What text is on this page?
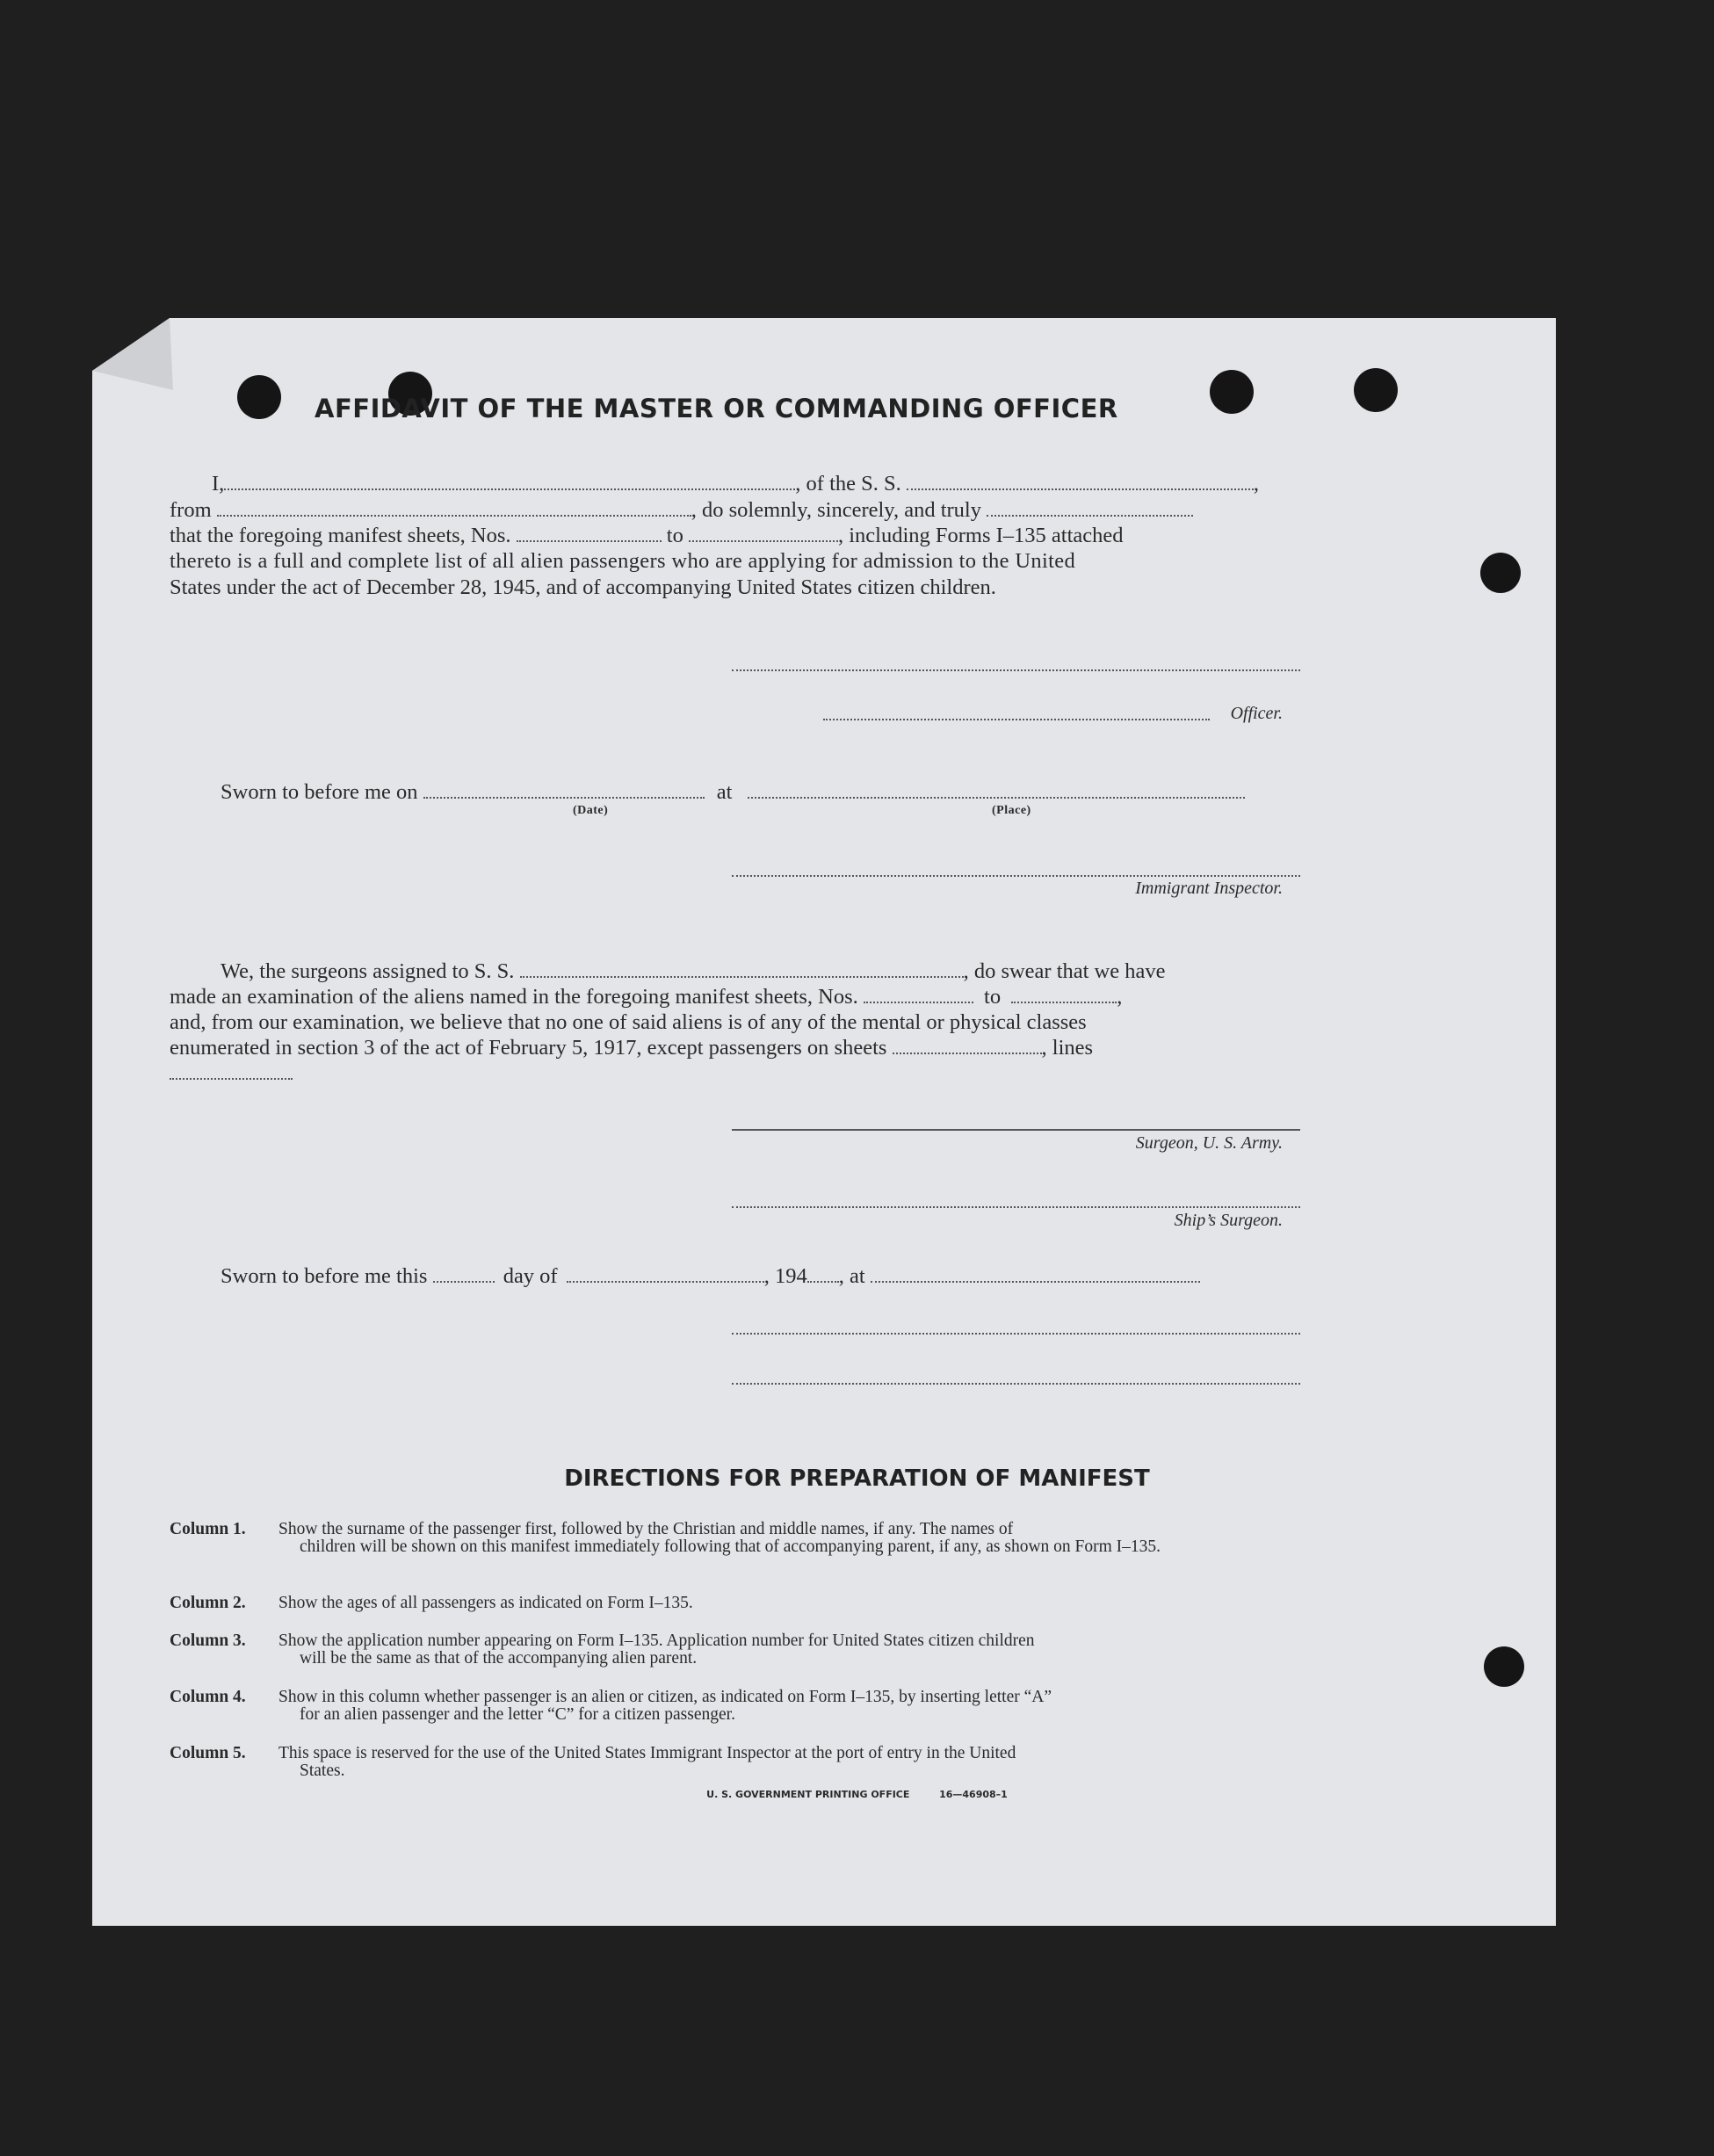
AFFIDAVIT OF THE MASTER OR COMMANDING OFFICER
I,	, of the S. S.	,
from	, do solemnly, sincerely, and truly
that the foregoing manifest sheets, Nos.	to	, including Forms I–135 attached
thereto is a full and complete list of all alien passengers who are applying for admission to the United
States under the act of December 28, 1945, and of accompanying United States citizen children.
Officer.
Sworn to before me on	at
(Date)	(Place)
Immigrant Inspector.
We, the surgeons assigned to S. S.	, do swear that we have
made an examination of the aliens named in the foregoing manifest sheets, Nos.	to	,
and, from our examination, we believe that no one of said aliens is of any of the mental or physical classes
enumerated in section 3 of the act of February 5, 1917, except passengers on sheets	, lines
Surgeon, U. S. Army.
Ship’s Surgeon.
Sworn to before me this	day of	, 194 , at
DIRECTIONS FOR PREPARATION OF MANIFEST
Column 1.	Show the surname of the passenger first, followed by the Christian and middle names, if any. The names of
children will be shown on this manifest immediately following that of accompanying parent, if any, as shown on Form I–135.
Column 2.	Show the ages of all passengers as indicated on Form I–135.
Column 3.	Show the application number appearing on Form I–135. Application number for United States citizen children
will be the same as that of the accompanying alien parent.
Column 4.	Show in this column whether passenger is an alien or citizen, as indicated on Form I–135, by inserting letter “A”
for an alien passenger and the letter “C” for a citizen passenger.
Column 5.	This space is reserved for the use of the United States Immigrant Inspector at the port of entry in the United
States.
U. S. GOVERNMENT PRINTING OFFICE	16—46908–1
